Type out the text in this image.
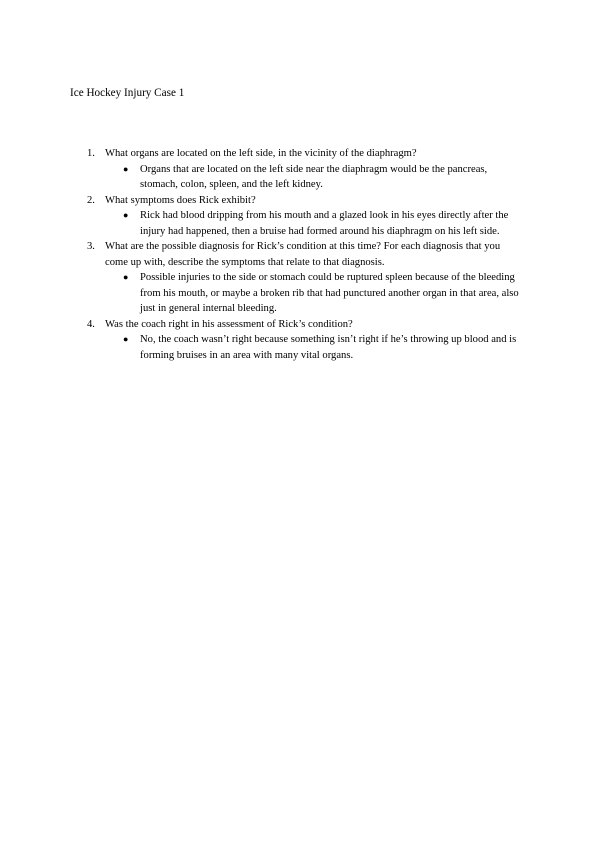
Ice Hockey Injury Case 1
1. What organs are located on the left side, in the vicinity of the diaphragm?
● Organs that are located on the left side near the diaphragm would be the pancreas, stomach, colon, spleen, and the left kidney.
2. What symptoms does Rick exhibit?
● Rick had blood dripping from his mouth and a glazed look in his eyes directly after the injury had happened, then a bruise had formed around his diaphragm on his left side.
3. What are the possible diagnosis for Rick’s condition at this time? For each diagnosis that you come up with, describe the symptoms that relate to that diagnosis.
● Possible injuries to the side or stomach could be ruptured spleen because of the bleeding from his mouth, or maybe a broken rib that had punctured another organ in that area, also just in general internal bleeding.
4. Was the coach right in his assessment of Rick’s condition?
● No, the coach wasn’t right because something isn’t right if he’s throwing up blood and is forming bruises in an area with many vital organs.
